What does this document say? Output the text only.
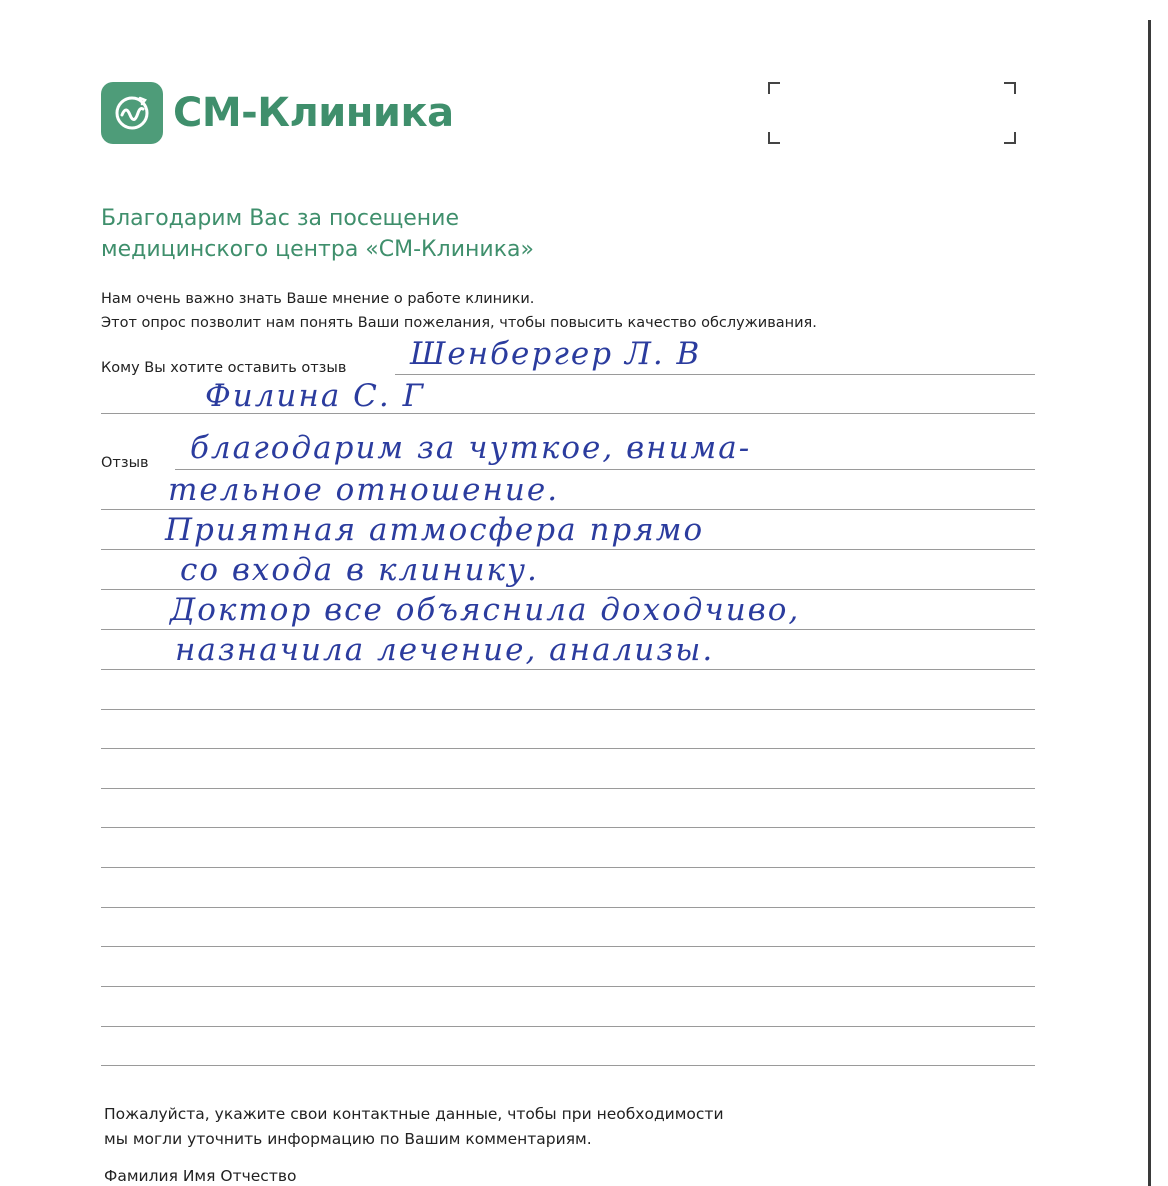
СМ-Клиника
Благодарим Вас за посещение
медицинского центра «СМ-Клиника»
Нам очень важно знать Ваше мнение о работе клиники.
Этот опрос позволит нам понять Ваши пожелания, чтобы повысить качество обслуживания.
Кому Вы хотите оставить отзыв Шенбергер Л. В
Филина С. Г
Отзыв благодарим за чуткое, внима-
тельное отношение.
Приятная атмосфера прямо
со входа в клинику.
Доктор все объяснила доходчиво,
назначила лечение, анализы.
Пожалуйста, укажите свои контактные данные, чтобы при необходимости
мы могли уточнить информацию по Вашим комментариям.
Фамилия Имя Отчество
